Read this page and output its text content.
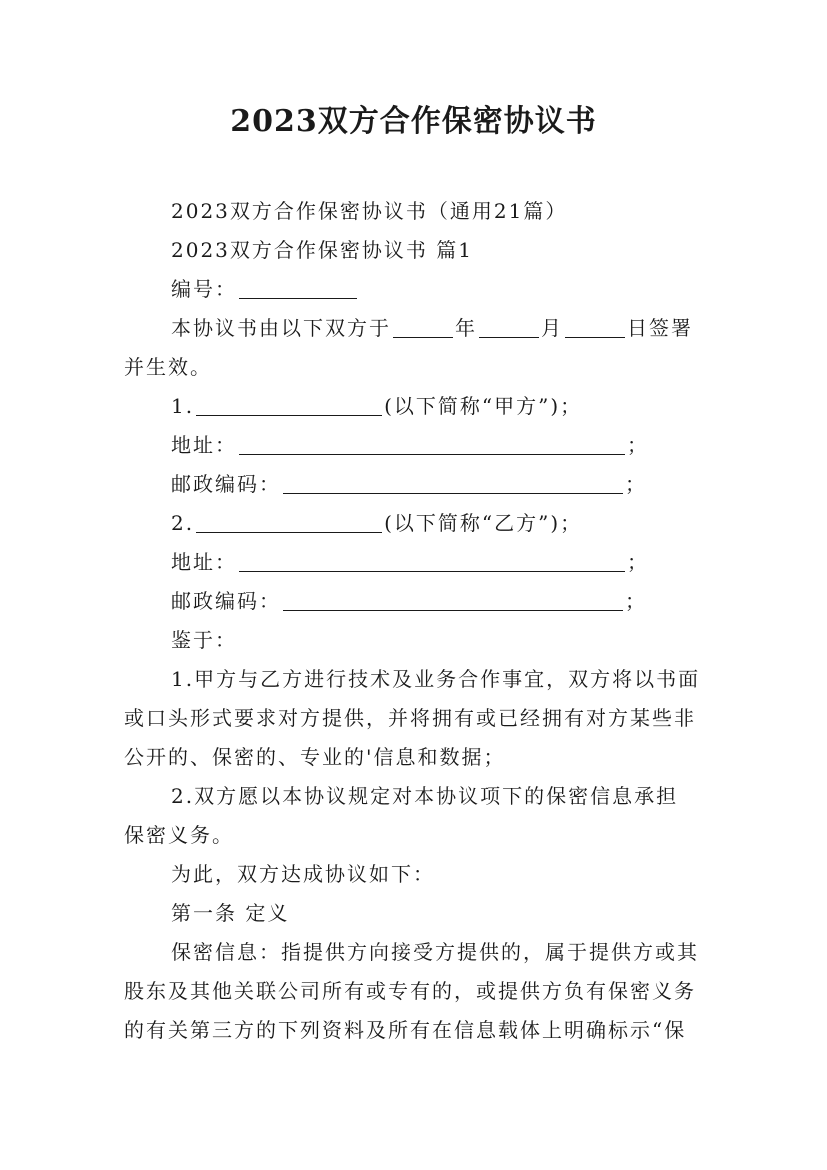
2023双方合作保密协议书
2023双方合作保密协议书（通用21篇）
2023双方合作保密协议书 篇1
编号：
本协议书由以下双方于	年	月	日签署
并生效。
1.	(以下简称“甲方”)；
地址：	；
邮政编码：	；
2.	(以下简称“乙方”)；
地址：	；
邮政编码：	；
鉴于：
1.甲方与乙方进行技术及业务合作事宜，双方将以书面
或口头形式要求对方提供，并将拥有或已经拥有对方某些非
公开的、保密的、专业的'信息和数据；
2.双方愿以本协议规定对本协议项下的保密信息承担
保密义务。
为此，双方达成协议如下：
第一条 定义
保密信息：指提供方向接受方提供的，属于提供方或其
股东及其他关联公司所有或专有的，或提供方负有保密义务
的有关第三方的下列资料及所有在信息载体上明确标示“保
